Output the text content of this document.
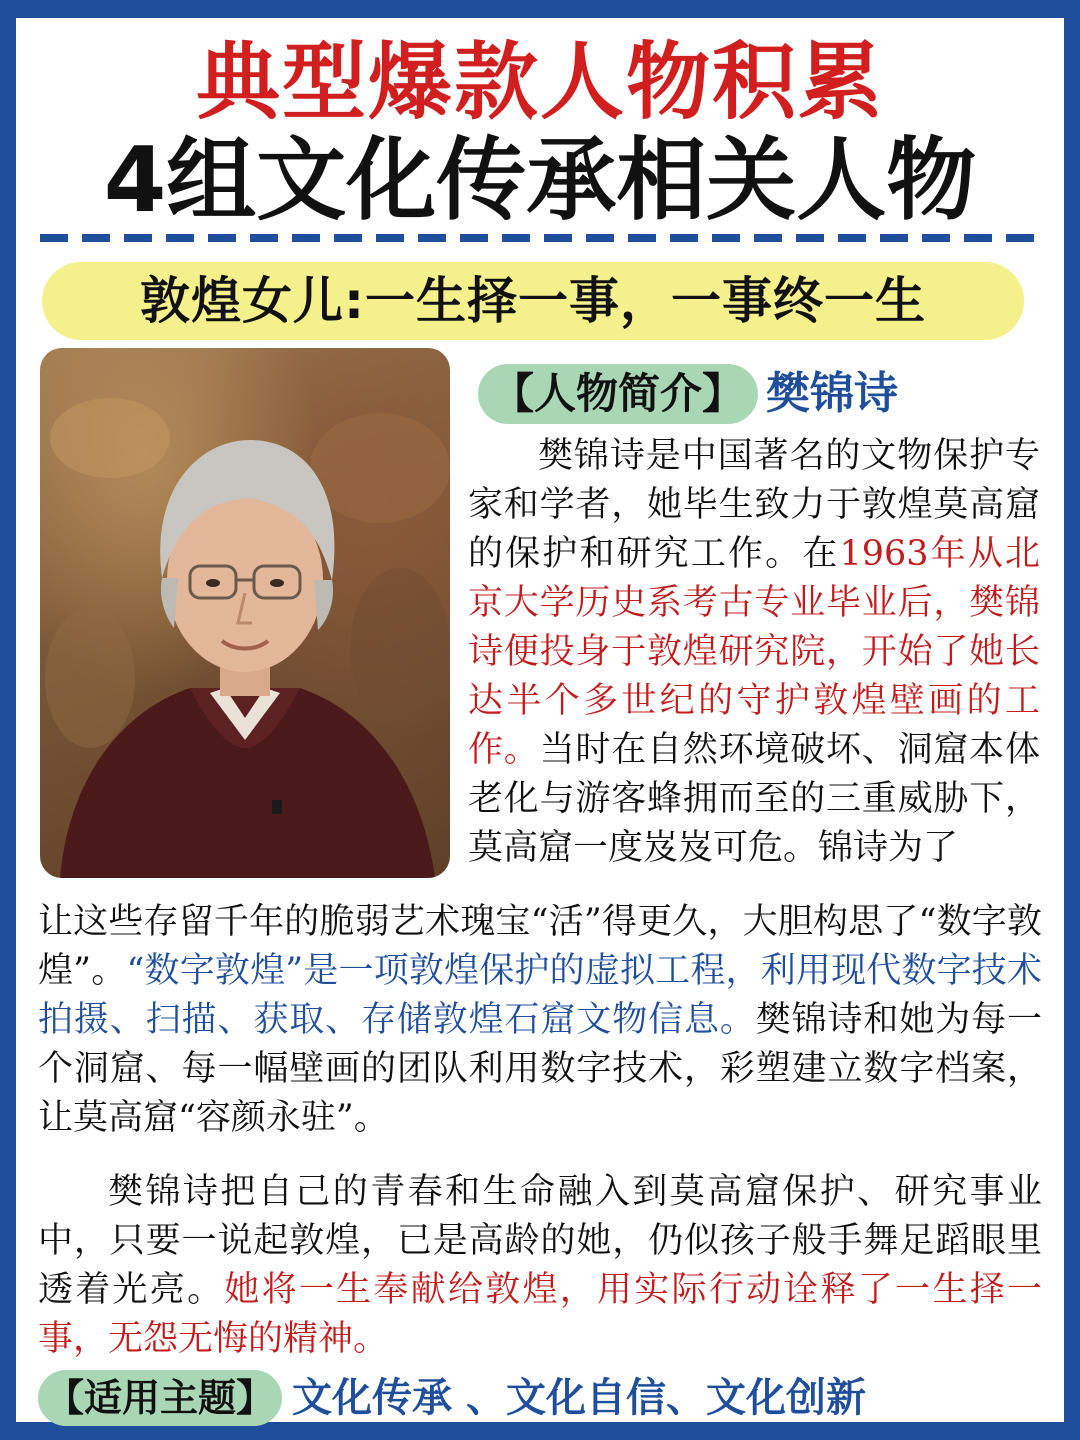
典型爆款人物积累
4组文化传承相关人物
敦煌女儿:一生择一事，一事终一生
【人物简介】 樊锦诗

樊锦诗是中国著名的文物保护专家和学者，她毕生致力于敦煌莫高窟的保护和研究工作。在1963年从北京大学历史系考古专业毕业后，樊锦诗便投身于敦煌研究院，开始了她长达半个多世纪的守护敦煌壁画的工作。当时在自然环境破坏、洞窟本体老化与游客蜂拥而至的三重威胁下，莫高窟一度岌岌可危。锦诗为了

让这些存留千年的脆弱艺术瑰宝“活”得更久，大胆构思了“数字敦煌”。“数字敦煌”是一项敦煌保护的虚拟工程，利用现代数字技术拍摄、扫描、获取、存储敦煌石窟文物信息。樊锦诗和她为每一个洞窟、每一幅壁画的团队利用数字技术，彩塑建立数字档案，让莫高窟“容颜永驻”。

樊锦诗把自己的青春和生命融入到莫高窟保护、研究事业中，只要一说起敦煌，已是高龄的她，仍似孩子般手舞足蹈眼里透着光亮。她将一生奉献给敦煌，用实际行动诠释了一生择一事，无怨无悔的精神。

【适用主题】 文化传承 、文化自信、文化创新
